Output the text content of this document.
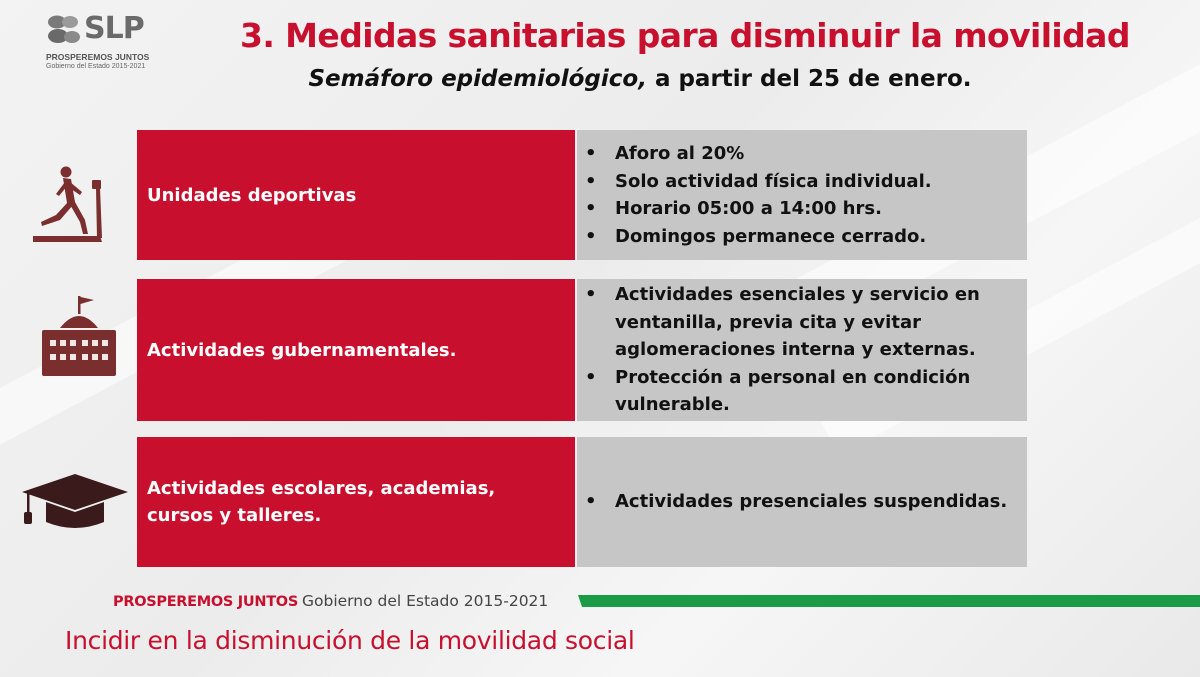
SLP
PROSPEREMOS JUNTOS
Gobierno del Estado 2015-2021
3. Medidas sanitarias para disminuir la movilidad
Semáforo epidemiológico, a partir del 25 de enero.
Unidades deportivas
• Aforo al 20%
• Solo actividad física individual.
• Horario 05:00 a 14:00 hrs.
• Domingos permanece cerrado.
Actividades gubernamentales.
• Actividades esenciales y servicio en ventanilla, previa cita y evitar aglomeraciones interna y externas.
• Protección a personal en condición vulnerable.
Actividades escolares, academias, cursos y talleres.
• Actividades presenciales suspendidas.
PROSPEREMOS JUNTOS Gobierno del Estado 2015-2021
Incidir en la disminución de la movilidad social
